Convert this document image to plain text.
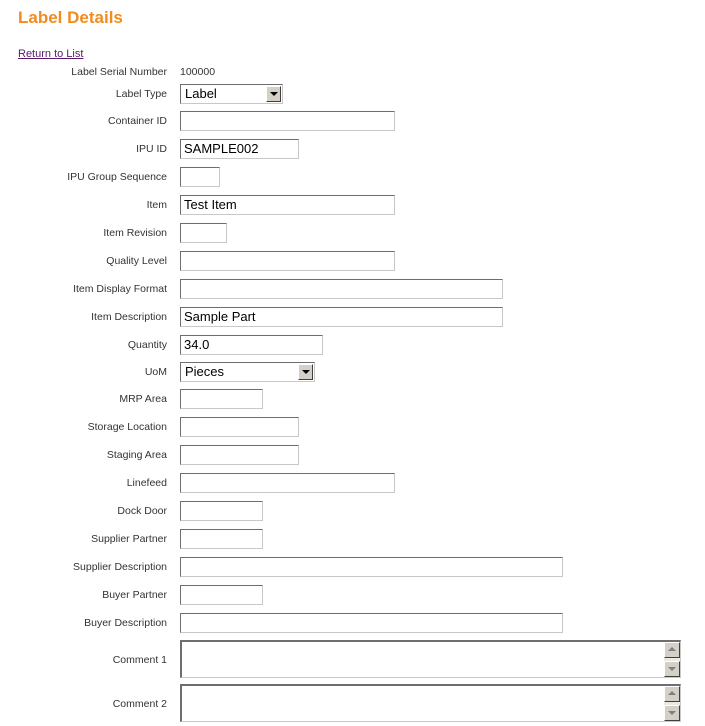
Label Details
Return to List
Label Serial Number 100000
Label Type Label
Container ID
IPU ID	SAMPLE002
IPU Group Sequence
Item	Test Item
Item Revision
Quality Level
Item Display Format
Item Description	Sample Part
Quantity	34.0
UoM Pieces
MRP Area
Storage Location
Staging Area
Linefeed
Dock Door
Supplier Partner
Supplier Description
Buyer Partner
Buyer Description
Comment 1
Comment 2
